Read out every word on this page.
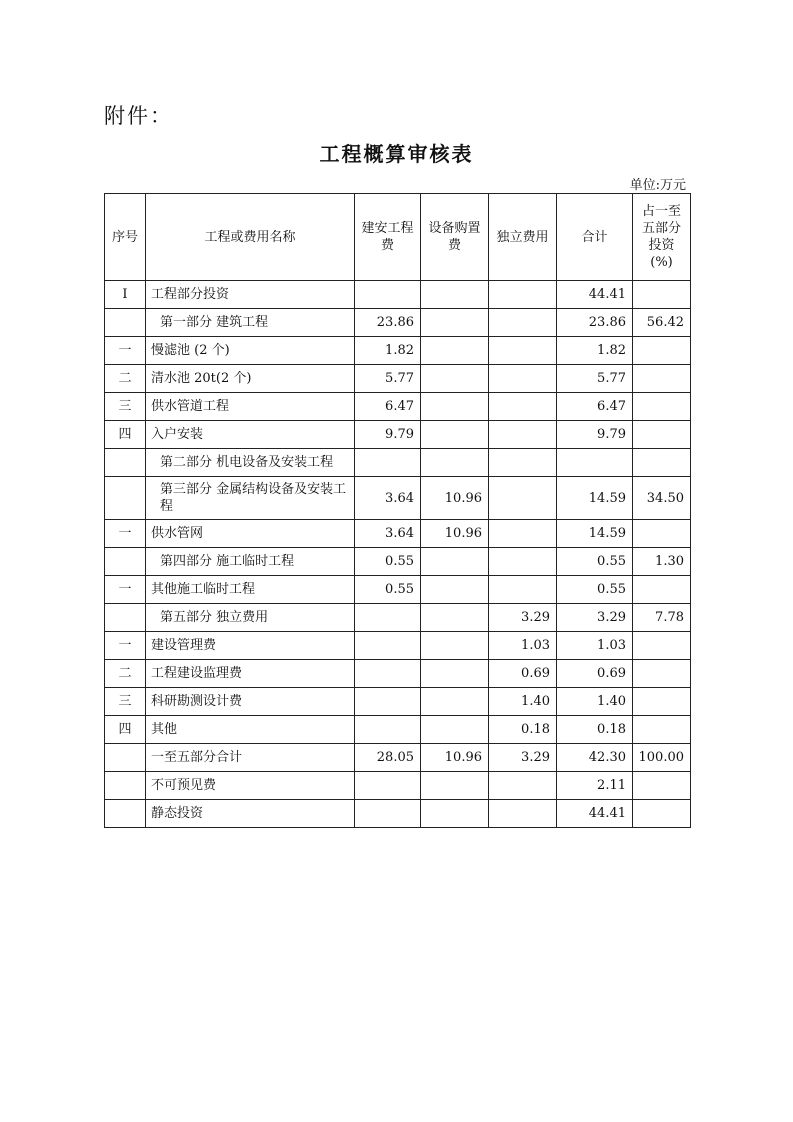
附件：
工程概算审核表
单位:万元
序号	工程或费用名称	建安工程费	设备购置费	独立费用	合计	占一至五部分投资(%)
I	工程部分投资				44.41	
	第一部分 建筑工程	23.86			23.86	56.42
一	慢滤池 (2 个)	1.82			1.82	
二	清水池 20t(2 个)	5.77			5.77	
三	供水管道工程	6.47			6.47	
四	入户安装	9.79			9.79	
	第二部分 机电设备及安装工程					
	第三部分 金属结构设备及安装工程	3.64	10.96		14.59	34.50
一	供水管网	3.64	10.96		14.59	
	第四部分 施工临时工程	0.55			0.55	1.30
一	其他施工临时工程	0.55			0.55	
	第五部分 独立费用			3.29	3.29	7.78
一	建设管理费			1.03	1.03	
二	工程建设监理费			0.69	0.69	
三	科研勘测设计费			1.40	1.40	
四	其他			0.18	0.18	
	一至五部分合计	28.05	10.96	3.29	42.30	100.00
	不可预见费				2.11	
	静态投资				44.41	
